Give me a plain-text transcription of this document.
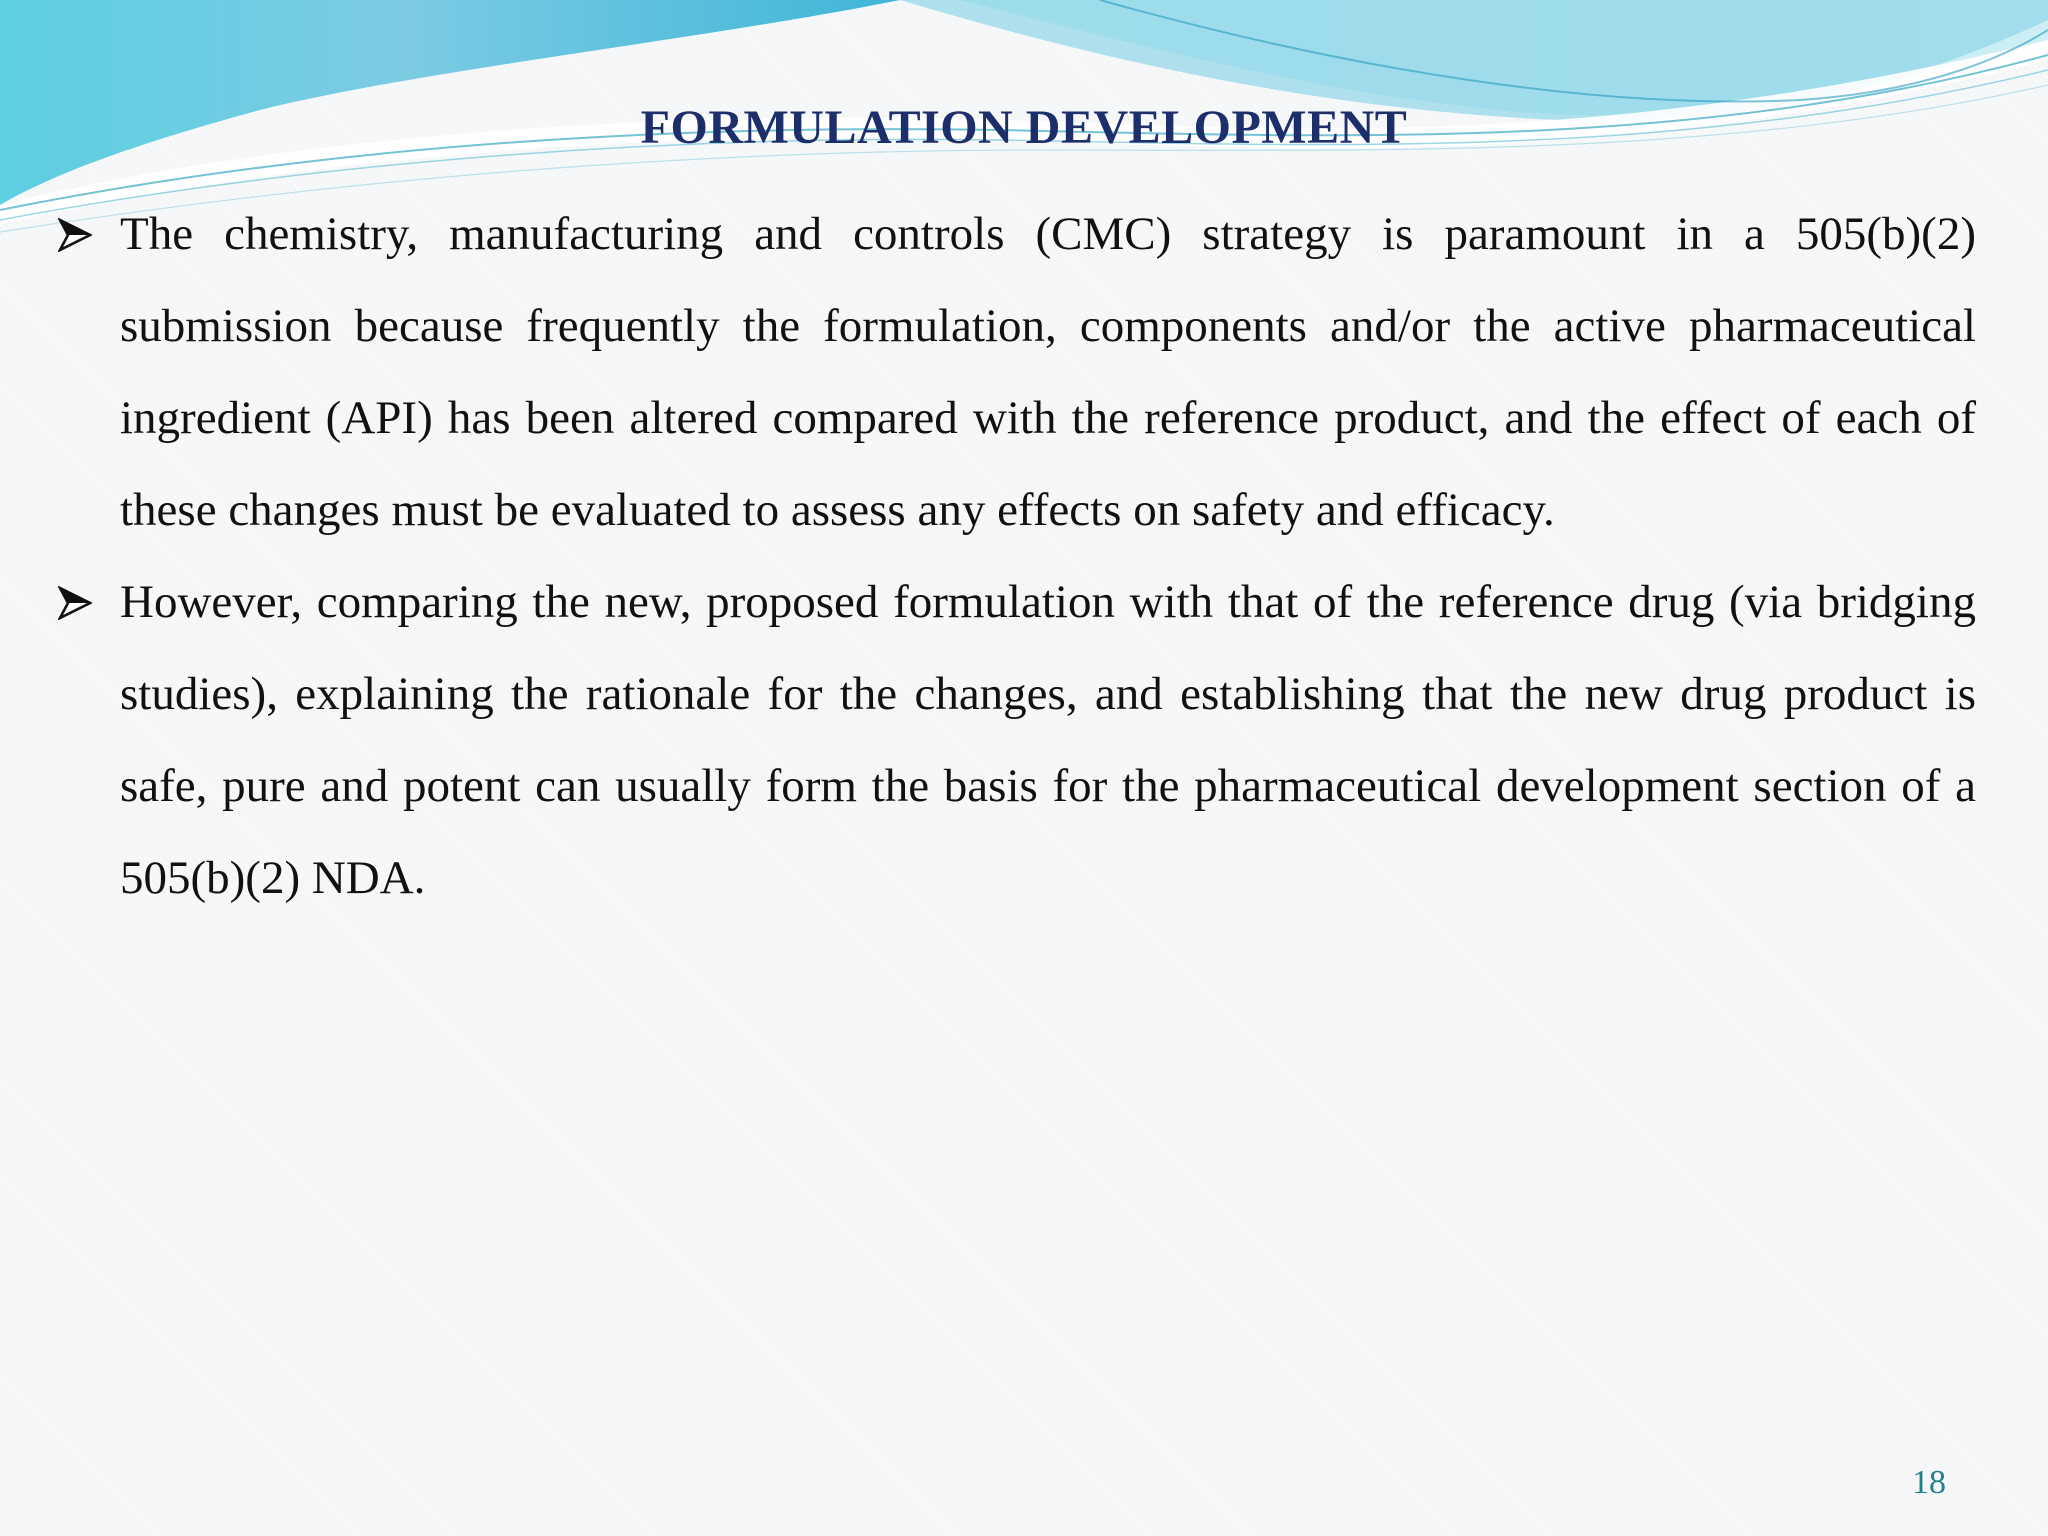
FORMULATION DEVELOPMENT
The chemistry, manufacturing and controls (CMC) strategy is paramount in a 505(b)(2) submission because frequently the formulation, components and/or the active pharmaceutical ingredient (API) has been altered compared with the reference product, and the effect of each of these changes must be evaluated to assess any effects on safety and efficacy.
However, comparing the new, proposed formulation with that of the reference drug (via bridging studies), explaining the rationale for the changes, and establishing that the new drug product is safe, pure and potent can usually form the basis for the pharmaceutical development section of a 505(b)(2) NDA.
18
